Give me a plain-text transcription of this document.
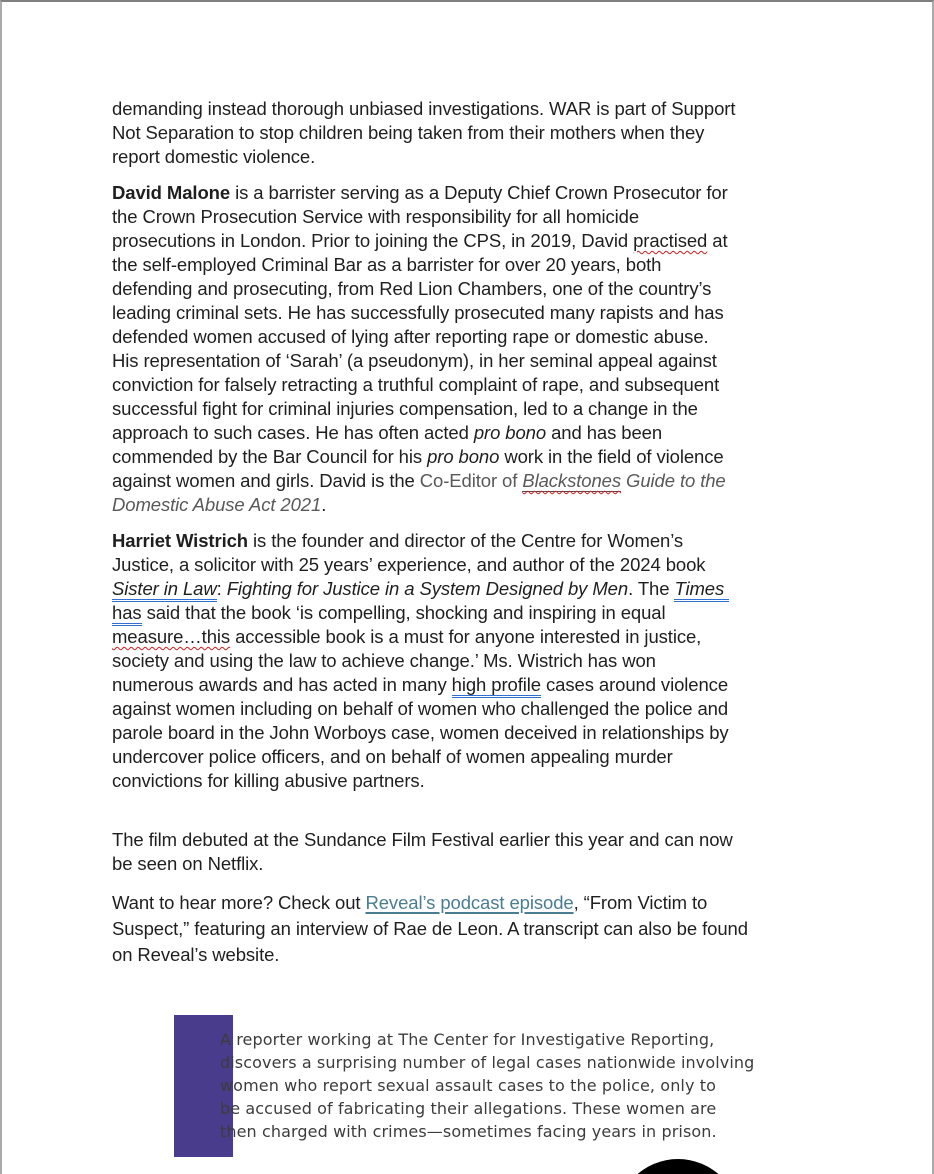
demanding instead thorough unbiased investigations. WAR is part of Support
Not Separation to stop children being taken from their mothers when they
report domestic violence.

David Malone is a barrister serving as a Deputy Chief Crown Prosecutor for
the Crown Prosecution Service with responsibility for all homicide
prosecutions in London. Prior to joining the CPS, in 2019, David practised at
the self-employed Criminal Bar as a barrister for over 20 years, both
defending and prosecuting, from Red Lion Chambers, one of the country’s
leading criminal sets. He has successfully prosecuted many rapists and has
defended women accused of lying after reporting rape or domestic abuse.
His representation of ‘Sarah’ (a pseudonym), in her seminal appeal against
conviction for falsely retracting a truthful complaint of rape, and subsequent
successful fight for criminal injuries compensation, led to a change in the
approach to such cases. He has often acted pro bono and has been
commended by the Bar Council for his pro bono work in the field of violence
against women and girls. David is the Co-Editor of Blackstones Guide to the
Domestic Abuse Act 2021.

Harriet Wistrich is the founder and director of the Centre for Women’s
Justice, a solicitor with 25 years’ experience, and author of the 2024 book
Sister in Law: Fighting for Justice in a System Designed by Men. The Times
has said that the book ‘is compelling, shocking and inspiring in equal
measure…this accessible book is a must for anyone interested in justice,
society and using the law to achieve change.’ Ms. Wistrich has won
numerous awards and has acted in many high profile cases around violence
against women including on behalf of women who challenged the police and
parole board in the John Worboys case, women deceived in relationships by
undercover police officers, and on behalf of women appealing murder
convictions for killing abusive partners.

The film debuted at the Sundance Film Festival earlier this year and can now
be seen on Netflix.

Want to hear more? Check out Reveal’s podcast episode, “From Victim to
Suspect,” featuring an interview of Rae de Leon. A transcript can also be found
on Reveal’s website.

A reporter working at The Center for Investigative Reporting,
discovers a surprising number of legal cases nationwide involving
women who report sexual assault cases to the police, only to
be accused of fabricating their allegations. These women are
then charged with crimes—sometimes facing years in prison.
